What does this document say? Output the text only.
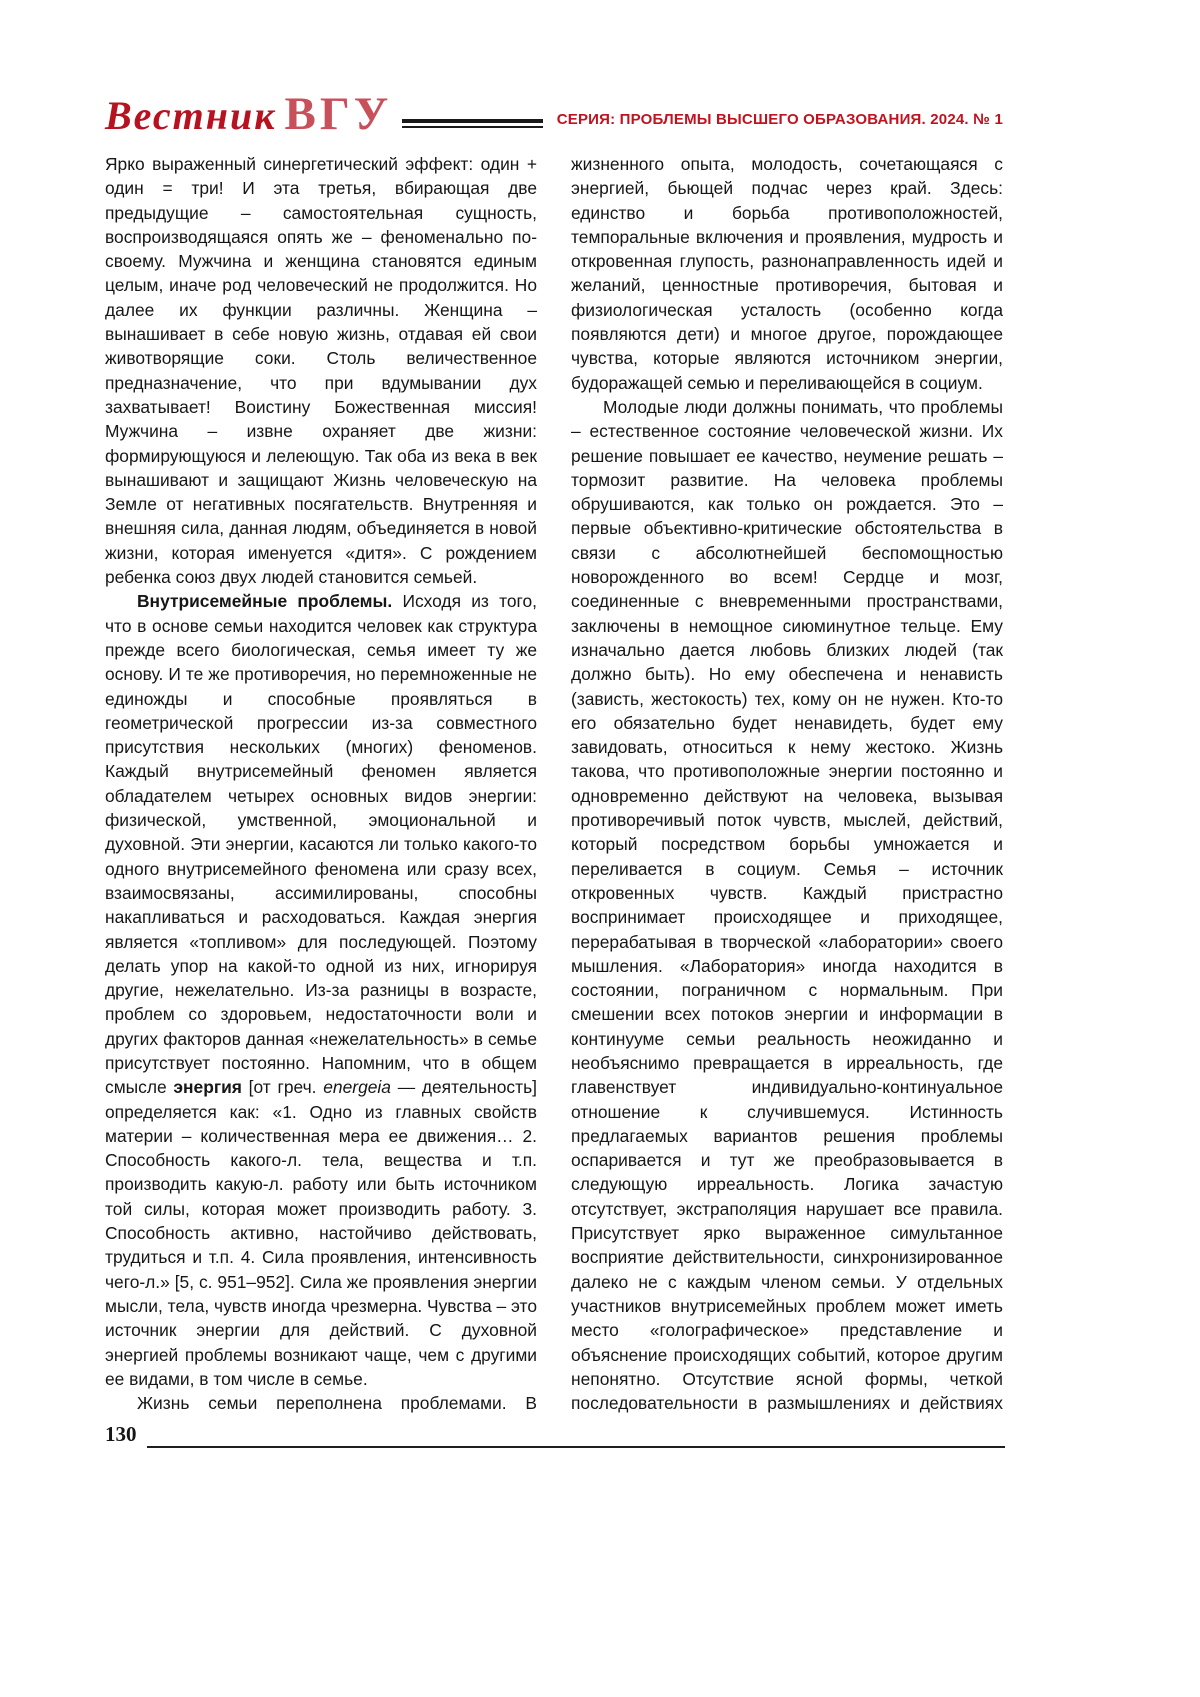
Вестник ВГУ	СЕРИЯ: ПРОБЛЕМЫ ВЫСШЕГО ОБРАЗОВАНИЯ. 2024. № 1

Ярко выраженный синергетический эффект: один + один = три! И эта третья, вбирающая две предыдущие – самостоятельная сущность, воспроизводящаяся опять же – феноменально по-своему. Мужчина и женщина становятся единым целым, иначе род человеческий не продолжится. Но далее их функции различны. Женщина – вынашивает в себе новую жизнь, отдавая ей свои животворящие соки. Столь величественное предназначение, что при вдумывании дух захватывает! Воистину Божественная миссия! Мужчина – извне охраняет две жизни: формирующуюся и лелеющую. Так оба из века в век вынашивают и защищают Жизнь человеческую на Земле от негативных посягательств. Внутренняя и внешняя сила, данная людям, объединяется в новой жизни, которая именуется «дитя». С рождением ребенка союз двух людей становится семьей.

Внутрисемейные проблемы. Исходя из того, что в основе семьи находится человек как структура прежде всего биологическая, семья имеет ту же основу. И те же противоречия, но перемноженные не единожды и способные проявляться в геометрической прогрессии из-за совместного присутствия нескольких (многих) феноменов. Каждый внутрисемейный феномен является обладателем четырех основных видов энергии: физической, умственной, эмоциональной и духовной. Эти энергии, касаются ли только какого-то одного внутрисемейного феномена или сразу всех, взаимосвязаны, ассимилированы, способны накапливаться и расходоваться. Каждая энергия является «топливом» для последующей. Поэтому делать упор на какой-то одной из них, игнорируя другие, нежелательно. Из-за разницы в возрасте, проблем со здоровьем, недостаточности воли и других факторов данная «нежелательность» в семье присутствует постоянно. Напомним, что в общем смысле энергия [от греч. energeia — деятельность] определяется как: «1. Одно из главных свойств материи – количественная мера ее движения… 2. Способность какого-л. тела, вещества и т.п. производить какую-л. работу или быть источником той силы, которая может производить работу. 3. Способность активно, настойчиво действовать, трудиться и т.п. 4. Сила проявления, интенсивность чего-л.» [5, с. 951–952]. Сила же проявления энергии мысли, тела, чувств иногда чрезмерна. Чувства – это источник энергии для действий. С духовной энергией проблемы возникают чаще, чем с другими ее видами, в том числе в семье.

Жизнь семьи переполнена проблемами. В

жизненного опыта, молодость, сочетающаяся с энергией, бьющей подчас через край. Здесь: единство и борьба противоположностей, темпоральные включения и проявления, мудрость и откровенная глупость, разнонаправленность идей и желаний, ценностные противоречия, бытовая и физиологическая усталость (особенно когда появляются дети) и многое другое, порождающее чувства, которые являются источником энергии, будоражащей семью и переливающейся в социум.

Молодые люди должны понимать, что проблемы – естественное состояние человеческой жизни. Их решение повышает ее качество, неумение решать – тормозит развитие. На человека проблемы обрушиваются, как только он рождается. Это – первые объективно-критические обстоятельства в связи с абсолютнейшей беспомощностью новорожденного во всем! Сердце и мозг, соединенные с вневременными пространствами, заключены в немощное сиюминутное тельце. Ему изначально дается любовь близких людей (так должно быть). Но ему обеспечена и ненависть (зависть, жестокость) тех, кому он не нужен. Кто-то его обязательно будет ненавидеть, будет ему завидовать, относиться к нему жестоко. Жизнь такова, что противоположные энергии постоянно и одновременно действуют на человека, вызывая противоречивый поток чувств, мыслей, действий, который посредством борьбы умножается и переливается в социум. Семья – источник откровенных чувств. Каждый пристрастно воспринимает происходящее и приходящее, перерабатывая в творческой «лаборатории» своего мышления. «Лаборатория» иногда находится в состоянии, пограничном с нормальным. При смешении всех потоков энергии и информации в континууме семьи реальность неожиданно и необъяснимо превращается в ирреальность, где главенствует индивидуально-континуальное отношение к случившемуся. Истинность предлагаемых вариантов решения проблемы оспаривается и тут же преобразовывается в следующую ирреальность. Логика зачастую отсутствует, экстраполяция нарушает все правила. Присутствует ярко выраженное симультанное восприятие действительности, синхронизированное далеко не с каждым членом семьи. У отдельных участников внутрисемейных проблем может иметь место «голографическое» представление и объяснение происходящих событий, которое другим непонятно. Отсутствие ясной формы, четкой последовательности в размышлениях и действиях

130
